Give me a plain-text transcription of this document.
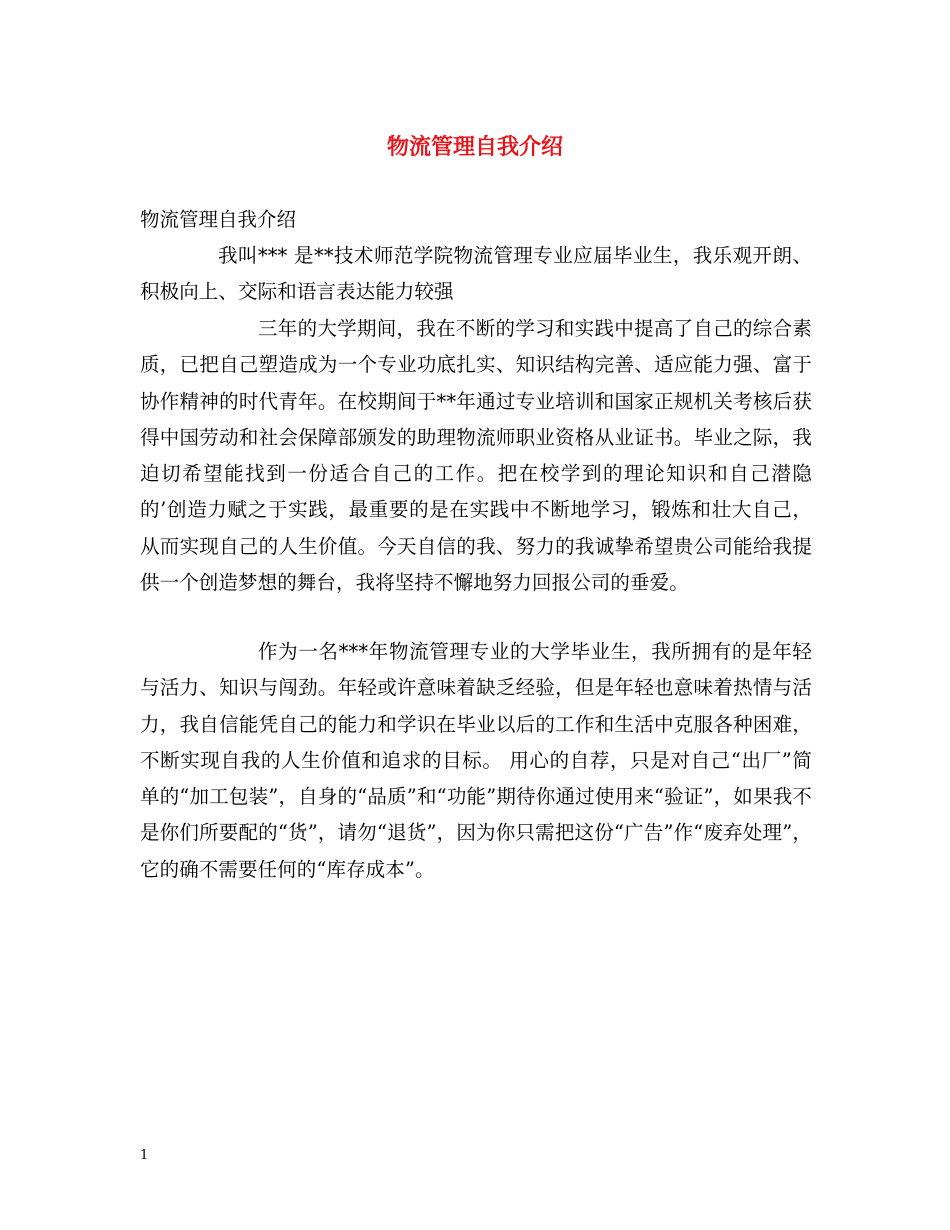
物流管理自我介绍

物流管理自我介绍

我叫*** 是**技术师范学院物流管理专业应届毕业生，我乐观开朗、积极向上、交际和语言表达能力较强

三年的大学期间，我在不断的学习和实践中提高了自己的综合素质，已把自己塑造成为一个专业功底扎实、知识结构完善、适应能力强、富于协作精神的时代青年。在校期间于**年通过专业培训和国家正规机关考核后获得中国劳动和社会保障部颁发的助理物流师职业资格从业证书。毕业之际，我迫切希望能找到一份适合自己的工作。把在校学到的理论知识和自己潜隐的’创造力赋之于实践，最重要的是在实践中不断地学习，锻炼和壮大自己，从而实现自己的人生价值。今天自信的我、努力的我诚挚希望贵公司能给我提供一个创造梦想的舞台，我将坚持不懈地努力回报公司的垂爱。

作为一名***年物流管理专业的大学毕业生，我所拥有的是年轻与活力、知识与闯劲。年轻或许意味着缺乏经验，但是年轻也意味着热情与活力，我自信能凭自己的能力和学识在毕业以后的工作和生活中克服各种困难，不断实现自我的人生价值和追求的目标。 用心的自荐，只是对自己“出厂”简单的“加工包装”，自身的“品质”和“功能”期待你通过使用来“验证”，如果我不是你们所要配的“货”，请勿“退货”，因为你只需把这份“广告”作“废弃处理”，它的确不需要任何的“库存成本”。

1
